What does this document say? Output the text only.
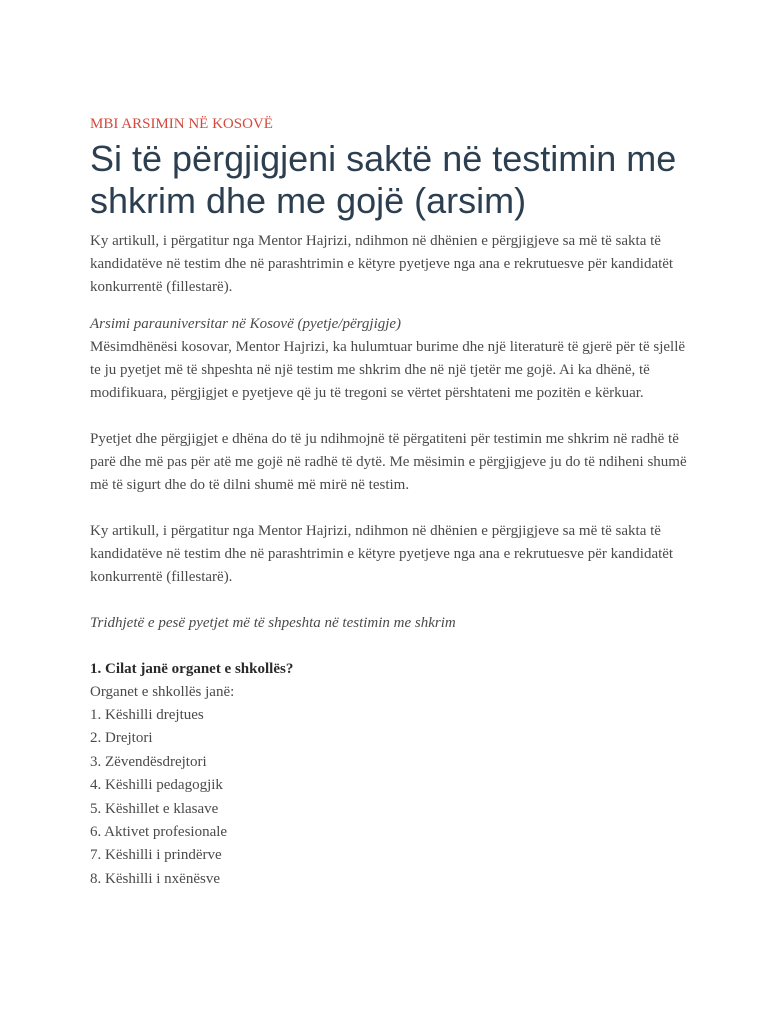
MBI ARSIMIN NË KOSOVË

Si të përgjigjeni saktë në testimin me shkrim dhe me gojë (arsim)

Ky artikull, i përgatitur nga Mentor Hajrizi, ndihmon në dhënien e përgjigjeve sa më të sakta të kandidatëve në testim dhe në parashtrimin e këtyre pyetjeve nga ana e rekrutuesve për kandidatët konkurrentë (fillestarë).

Arsimi parauniversitar në Kosovë (pyetje/përgjigje)

Mësimdhënësi kosovar, Mentor Hajrizi, ka hulumtuar burime dhe një literaturë të gjerë për të sjellë te ju pyetjet më të shpeshta në një testim me shkrim dhe në një tjetër me gojë. Ai ka dhënë, të modifikuara, përgjigjet e pyetjeve që ju të tregoni se vërtet përshtateni me pozitën e kërkuar.

Pyetjet dhe përgjigjet e dhëna do të ju ndihmojnë të përgatiteni për testimin me shkrim në radhë të parë dhe më pas për atë me gojë në radhë të dytë. Me mësimin e përgjigjeve ju do të ndiheni shumë më të sigurt dhe do të dilni shumë më mirë në testim.

Ky artikull, i përgatitur nga Mentor Hajrizi, ndihmon në dhënien e përgjigjeve sa më të sakta të kandidatëve në testim dhe në parashtrimin e këtyre pyetjeve nga ana e rekrutuesve për kandidatët konkurrentë (fillestarë).

Tridhjetë e pesë pyetjet më të shpeshta në testimin me shkrim

1. Cilat janë organet e shkollës?

Organet e shkollës janë:

1. Këshilli drejtues
2. Drejtori
3. Zëvendësdrejtori
4. Këshilli pedagogjik
5. Këshillet e klasave
6. Aktivet profesionale
7. Këshilli i prindërve
8. Këshilli i nxënësve
